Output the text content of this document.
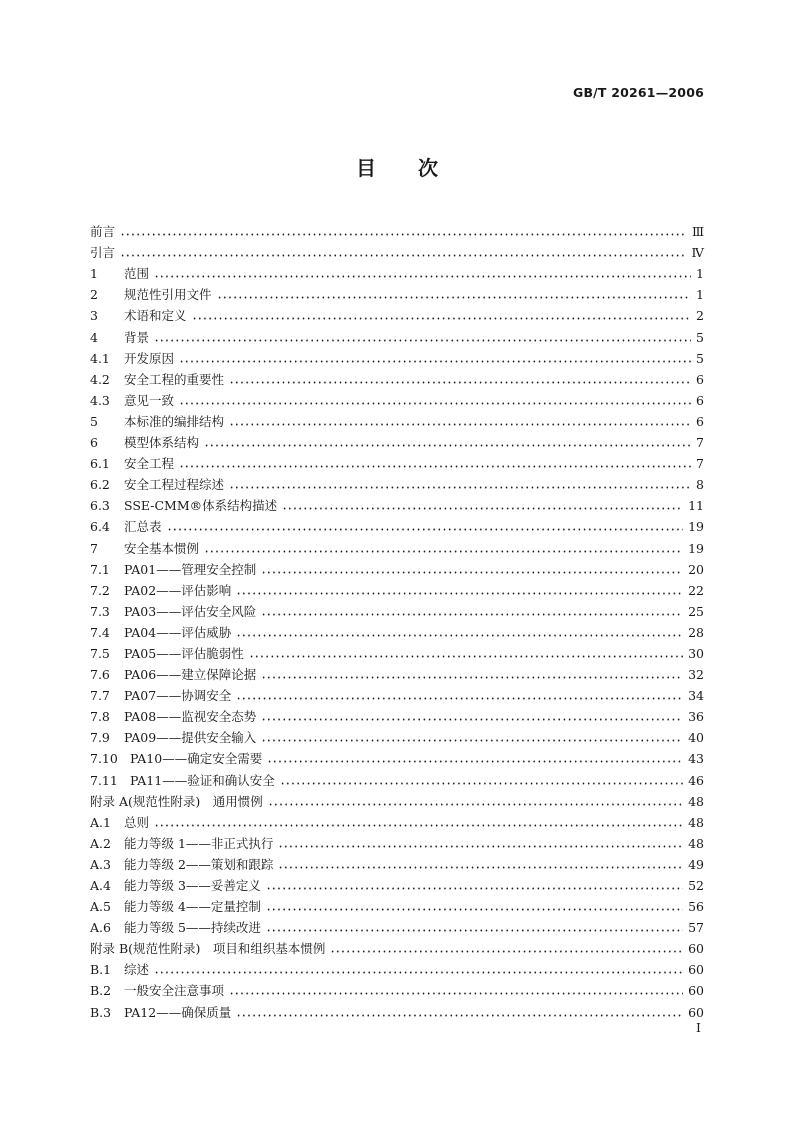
GB/T 20261—2006
目次
前言	Ⅲ
引言	Ⅳ
1	范围	1
2	规范性引用文件	1
3	术语和定义	2
4	背景	5
4.1	开发原因	5
4.2	安全工程的重要性	6
4.3	意见一致	6
5	本标准的编排结构	6
6	模型体系结构	7
6.1	安全工程	7
6.2	安全工程过程综述	8
6.3	SSE-CMM®体系结构描述	11
6.4	汇总表	19
7	安全基本惯例	19
7.1	PA01——管理安全控制	20
7.2	PA02——评估影响	22
7.3	PA03——评估安全风险	25
7.4	PA04——评估威胁	28
7.5	PA05——评估脆弱性	30
7.6	PA06——建立保障论据	32
7.7	PA07——协调安全	34
7.8	PA08——监视安全态势	36
7.9	PA09——提供安全输入	40
7.10 PA10——确定安全需要	43
7.11 PA11——验证和确认安全	46
附录 A(规范性附录)　通用惯例	48
A.1	总则	48
A.2	能力等级 1——非正式执行	48
A.3	能力等级 2——策划和跟踪	49
A.4	能力等级 3——妥善定义	52
A.5	能力等级 4——定量控制	56
A.6	能力等级 5——持续改进	57
附录 B(规范性附录)　项目和组织基本惯例	60
B.1	综述	60
B.2	一般安全注意事项	60
B.3	PA12——确保质量	60
I
